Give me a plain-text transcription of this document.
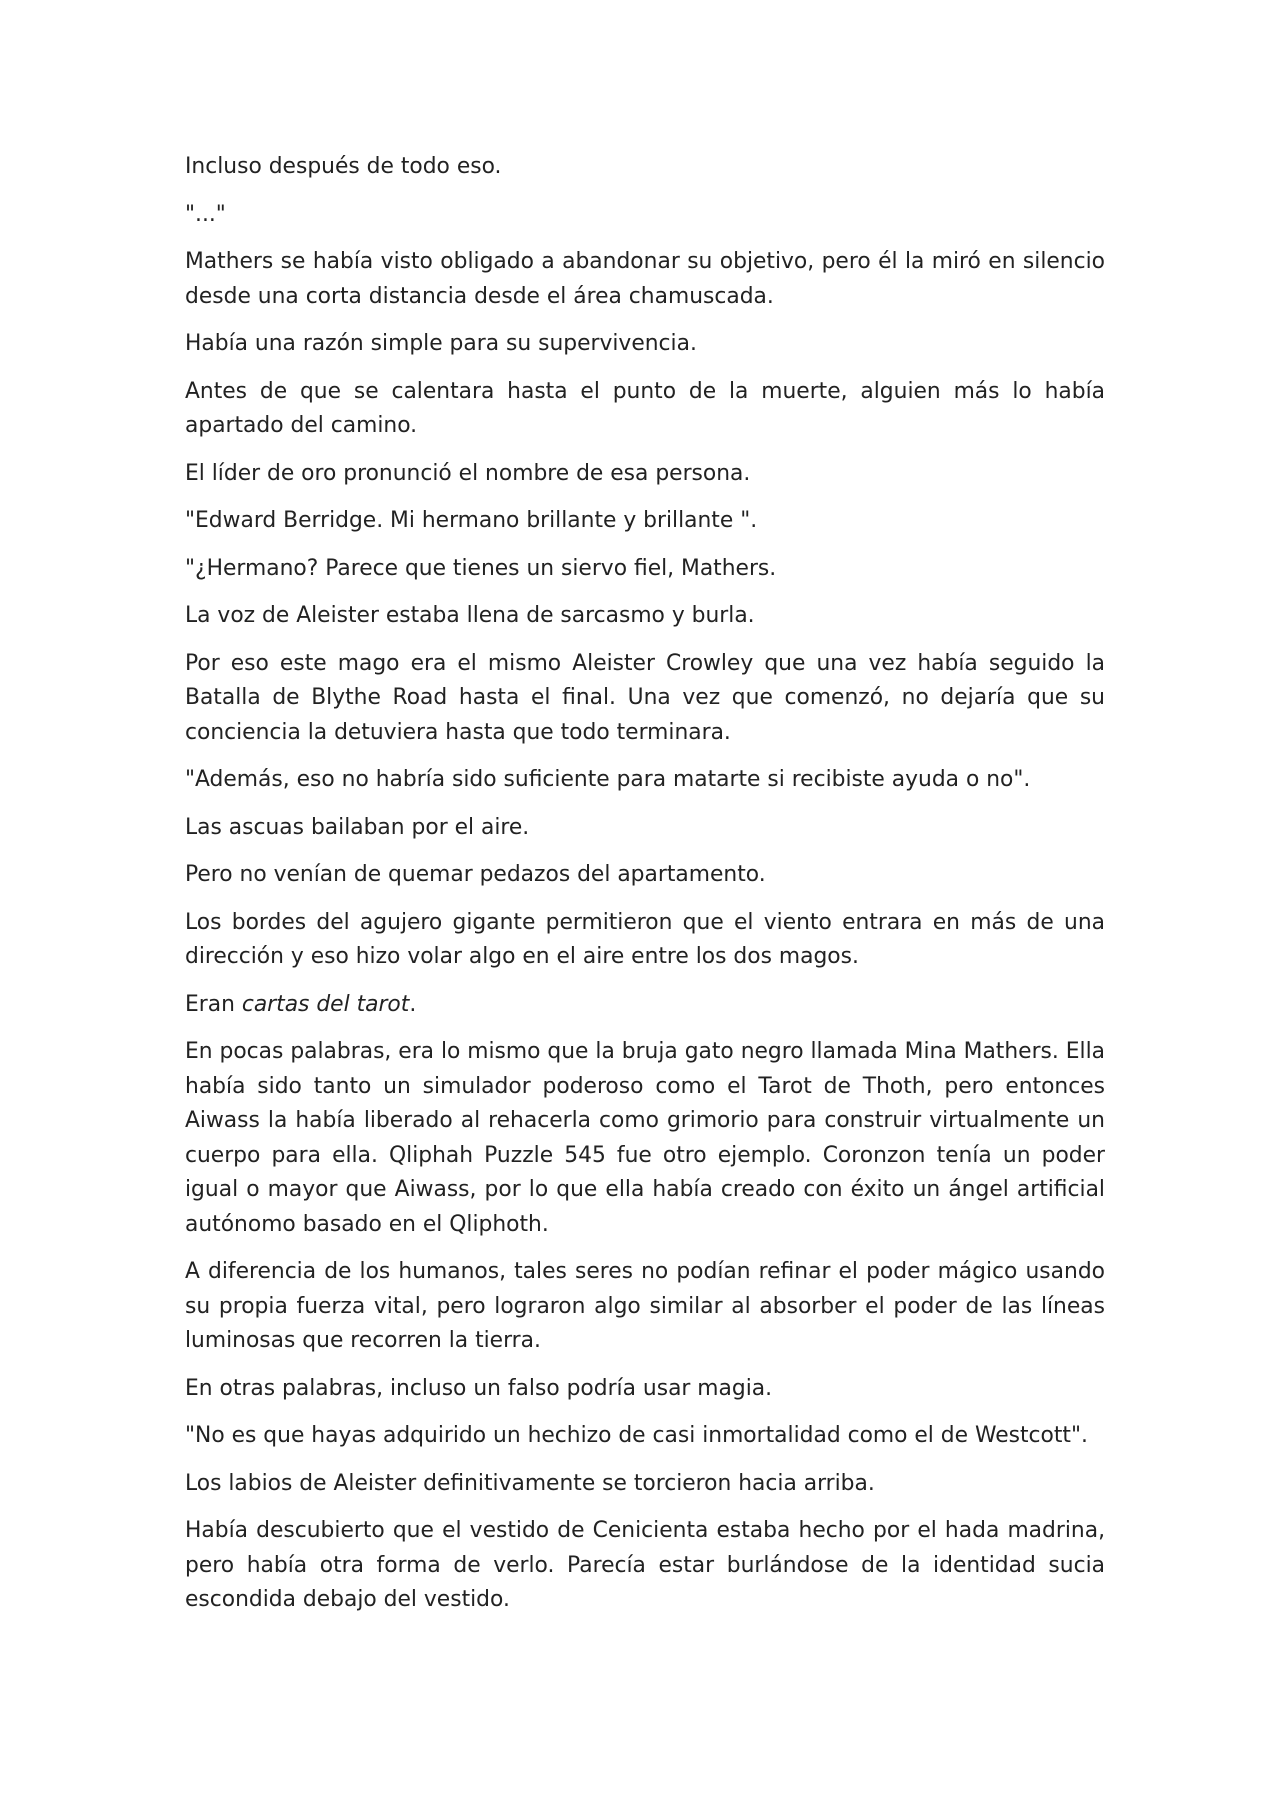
Incluso después de todo eso.

"..."

Mathers se había visto obligado a abandonar su objetivo, pero él la miró en silencio desde una corta distancia desde el área chamuscada.

Había una razón simple para su supervivencia.

Antes de que se calentara hasta el punto de la muerte, alguien más lo había apartado del camino.

El líder de oro pronunció el nombre de esa persona.

"Edward Berridge. Mi hermano brillante y brillante ".

"¿Hermano? Parece que tienes un siervo fiel, Mathers.

La voz de Aleister estaba llena de sarcasmo y burla.

Por eso este mago era el mismo Aleister Crowley que una vez había seguido la Batalla de Blythe Road hasta el final. Una vez que comenzó, no dejaría que su conciencia la detuviera hasta que todo terminara.

"Además, eso no habría sido suficiente para matarte si recibiste ayuda o no".

Las ascuas bailaban por el aire.

Pero no venían de quemar pedazos del apartamento.

Los bordes del agujero gigante permitieron que el viento entrara en más de una dirección y eso hizo volar algo en el aire entre los dos magos.

Eran cartas del tarot.

En pocas palabras, era lo mismo que la bruja gato negro llamada Mina Mathers. Ella había sido tanto un simulador poderoso como el Tarot de Thoth, pero entonces Aiwass la había liberado al rehacerla como grimorio para construir virtualmente un cuerpo para ella. Qliphah Puzzle 545 fue otro ejemplo. Coronzon tenía un poder igual o mayor que Aiwass, por lo que ella había creado con éxito un ángel artificial autónomo basado en el Qliphoth.

A diferencia de los humanos, tales seres no podían refinar el poder mágico usando su propia fuerza vital, pero lograron algo similar al absorber el poder de las líneas luminosas que recorren la tierra.

En otras palabras, incluso un falso podría usar magia.

"No es que hayas adquirido un hechizo de casi inmortalidad como el de Westcott".

Los labios de Aleister definitivamente se torcieron hacia arriba.

Había descubierto que el vestido de Cenicienta estaba hecho por el hada madrina, pero había otra forma de verlo. Parecía estar burlándose de la identidad sucia escondida debajo del vestido.
